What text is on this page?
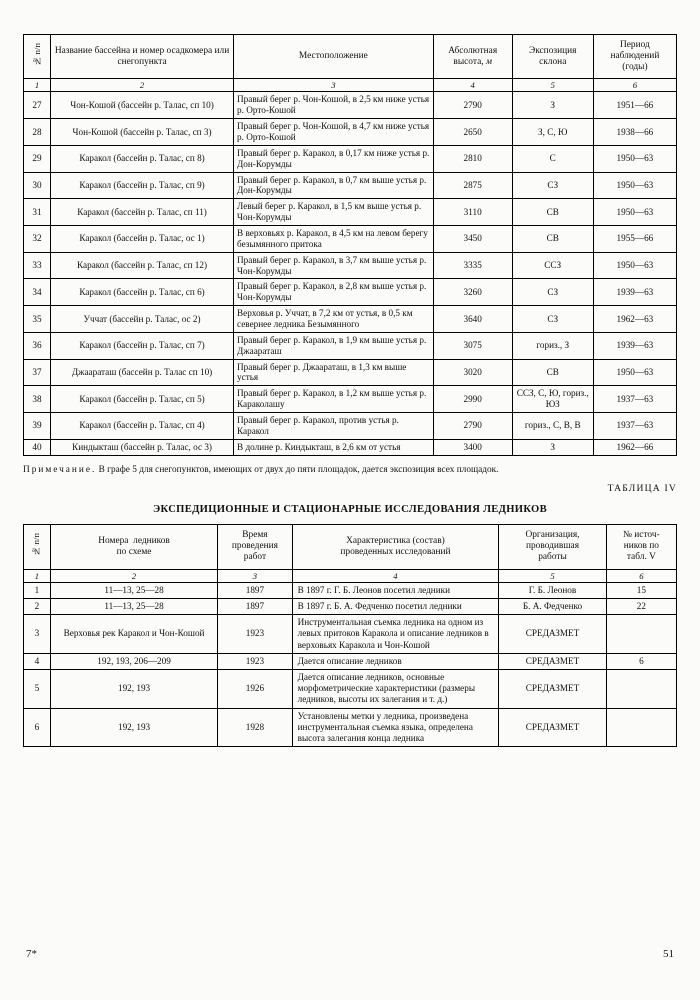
№ п/п	Название бассейна и номер осадкомера или снегопункта	Местоположение	Абсолютная
высота, м	Экспозиция
склона	Период
наблюдений
(годы)
1	2	3	4	5	6
27	Чон-Кошой (бассейн р. Талас, сп 10)	Правый берег р. Чон-Кошой, в 2,5 км ниже устья р. Орто-Кошой	2790	З	1951—66
28	Чон-Кошой (бассейн р. Талас, сп 3)	Правый берег р. Чон-Кошой, в 4,7 км ниже устья р. Орто-Кошой	2650	З, С, Ю	1938—66
29	Каракол (бассейн р. Талас, сп 8)	Правый берег р. Каракол, в 0,17 км ниже устья р. Дон-Корумды	2810	С	1950—63
30	Каракол (бассейн р. Талас, сп 9)	Правый берег р. Каракол, в 0,7 км выше устья р. Дон-Корумды	2875	СЗ	1950—63
31	Каракол (бассейн р. Талас, сп 11)	Левый берег р. Каракол, в 1,5 км выше устья р. Чон-Корумды	3110	СВ	1950—63
32	Каракол (бассейн р. Талас, ос 1)	В верховьях р. Каракол, в 4,5 км на левом берегу безымянного притока	3450	СВ	1955—66
33	Каракол (бассейн р. Талас, сп 12)	Правый берег р. Каракол, в 3,7 км выше устья р. Чон-Корумды	3335	ССЗ	1950—63
34	Каракол (бассейн р. Талас, сп 6)	Правый берег р. Каракол, в 2,8 км выше устья р. Чон-Корумды	3260	СЗ	1939—63
35	Уччат (бассейн р. Талас, ос 2)	Верховья р. Уччат, в 7,2 км от устья, в 0,5 км севернее ледника Безымянного	3640	СЗ	1962—63
36	Каракол (бассейн р. Талас, сп 7)	Правый берег р. Каракол, в 1,9 км выше устья р. Джаараташ	3075	гориз., З	1939—63
37	Джаараташ (бассейн р. Талас сп 10)	Правый берег р. Джаараташ, в 1,3 км выше устья	3020	СВ	1950—63
38	Каракол (бассейн р. Талас, сп 5)	Правый берег р. Каракол, в 1,2 км выше устья р. Караколашу	2990	ССЗ, С, Ю, гориз., ЮЗ	1937—63
39	Каракол (бассейн р. Талас, сп 4)	Правый берег р. Каракол, против устья р. Каракол	2790	гориз., С, В, В	1937—63
40	Киндыкташ (бассейн р. Талас, ос 3)	В долине р. Киндыкташ, в 2,6 км от устья	3400	З	1962—66
Примечание. В графе 5 для снегопунктов, имеющих от двух до пяти площадок, дается экспозиция всех площадок.
ТАБЛИЦА IV
ЭКСПЕДИЦИОННЫЕ И СТАЦИОНАРНЫЕ ИССЛЕДОВАНИЯ ЛЕДНИКОВ
№ п/п	Номера  ледников
по схеме	Время
проведения
работ	Характеристика (состав)
проведенных исследований	Организация,
проводившая
работы	№ источ-
ников по
табл. V
1	2	3	4	5	6
1	11—13, 25—28	1897	В 1897 г. Г. Б. Леонов посетил ледники	Г. Б. Леонов	15
2	11—13, 25—28	1897	В 1897 г. Б. А. Федченко посетил ледники	Б. А. Федченко	22
3	Верховья рек Каракол и Чон-Кошой	1923	Инструментальная съемка ледника на одном из левых притоков Каракола и описание ледников в верховьях Каракола и Чон-Кошой	СРЕДАЗМЕТ	
4	192, 193, 206—209	1923	Дается описание ледников	СРЕДАЗМЕТ	6
5	192, 193	1926	Дается описание ледников, основные морфометрические характеристики (размеры ледников, высоты их залегания и т. д.)	СРЕДАЗМЕТ	
6	192, 193	1928	Установлены метки у ледника, произведена инструментальная съемка языка, определена высота залегания конца ледника	СРЕДАЗМЕТ	
7*	51
